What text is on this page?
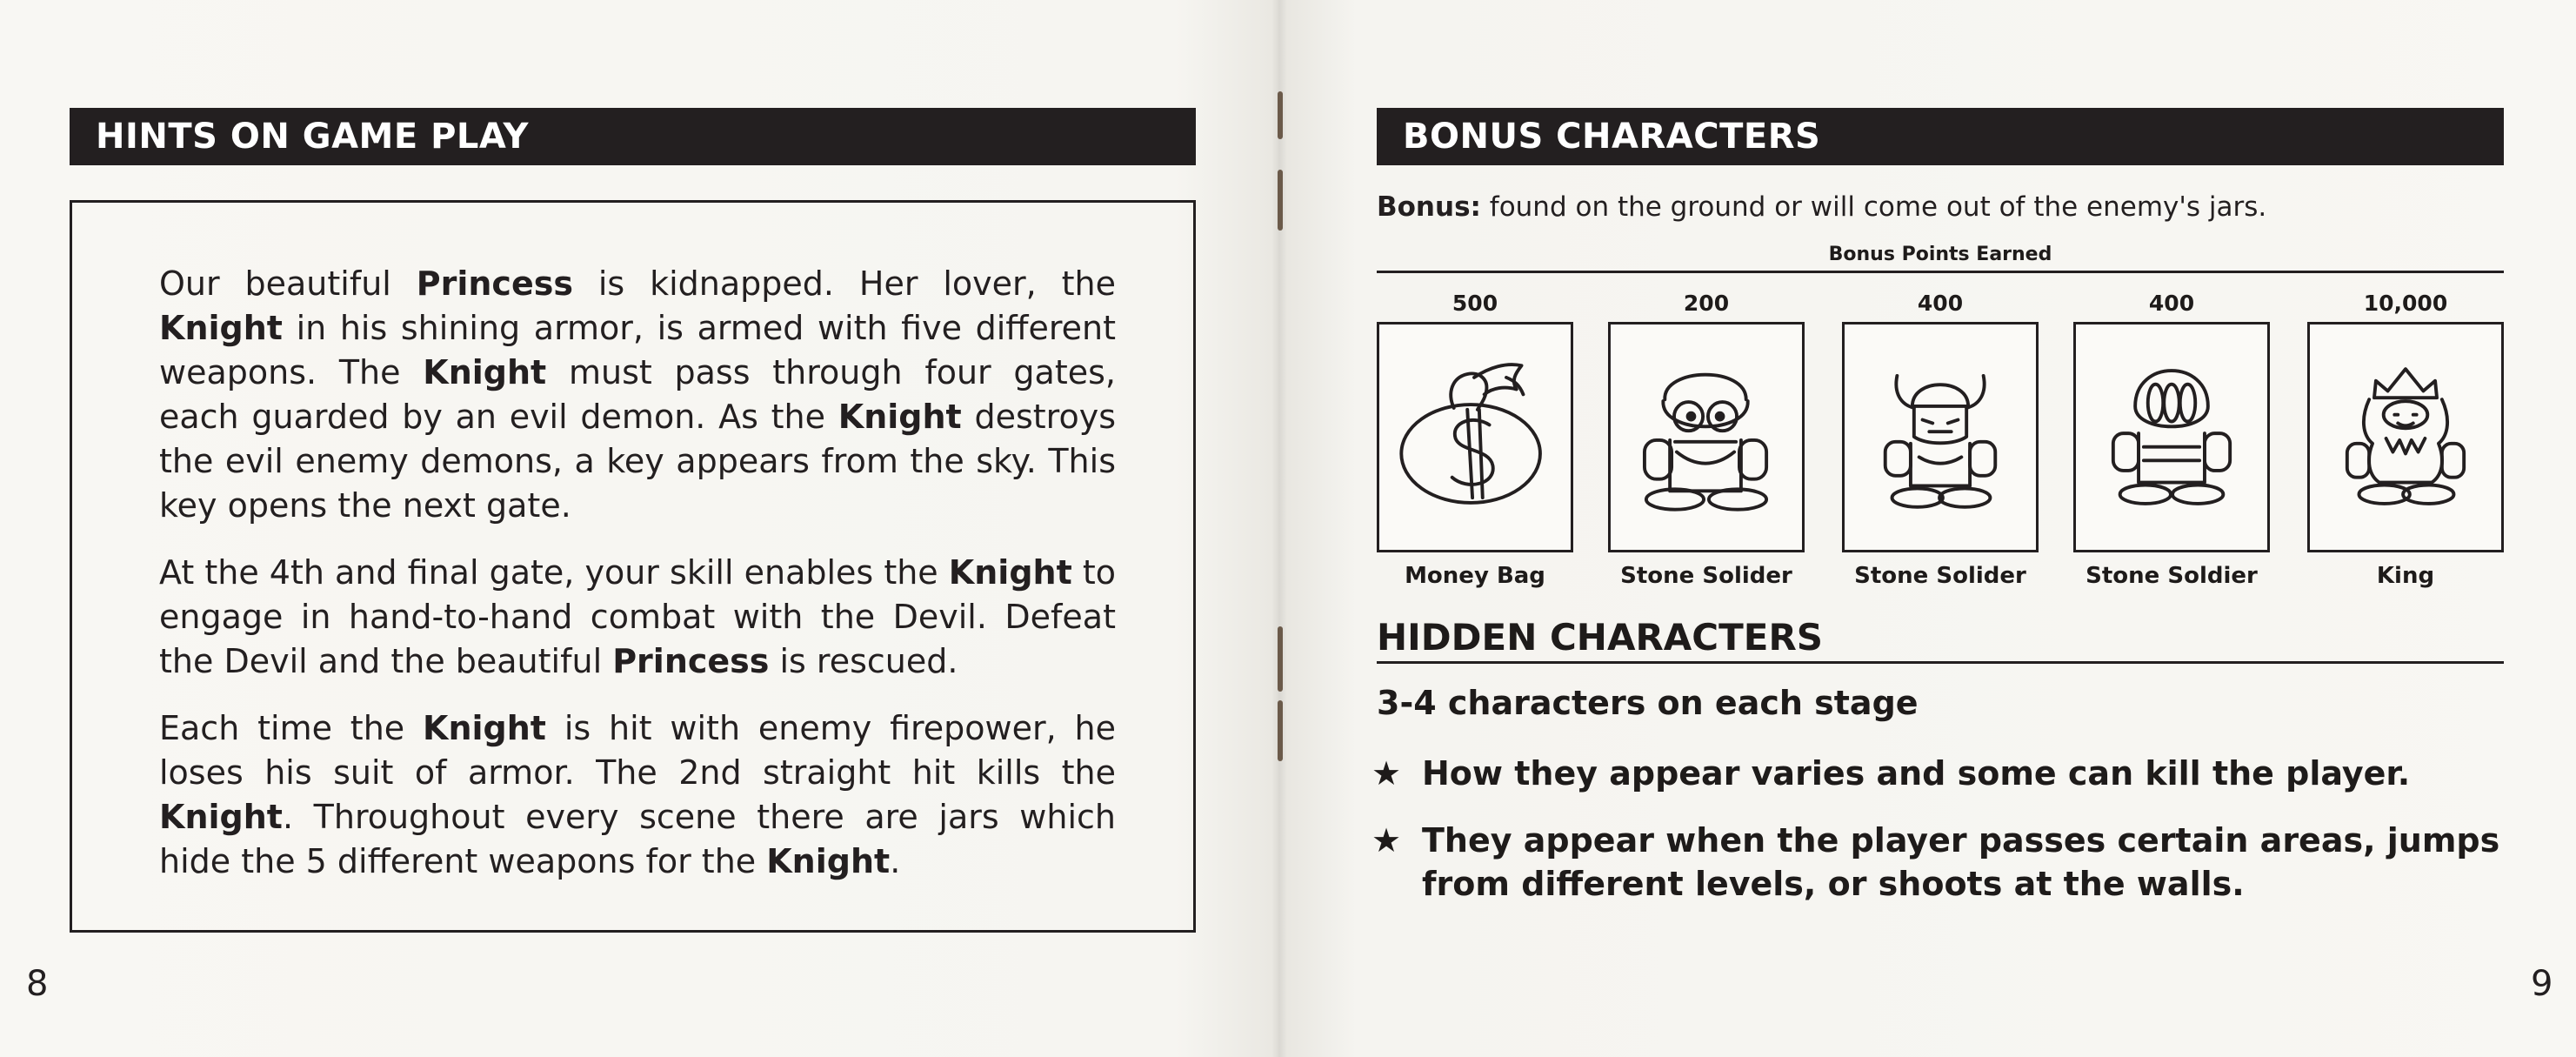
HINTS ON GAME PLAY

Our beautiful Princess is kidnapped. Her lover, the Knight in his shining armor, is armed with five different weapons. The Knight must pass through four gates, each guarded by an evil demon. As the Knight destroys the evil enemy demons, a key appears from the sky. This key opens the next gate.

At the 4th and final gate, your skill enables the Knight to engage in hand-to-hand combat with the Devil. Defeat the Devil and the beautiful Princess is rescued.

Each time the Knight is hit with enemy firepower, he loses his suit of armor. The 2nd straight hit kills the Knight. Throughout every scene there are jars which hide the 5 different weapons for the Knight.

8
BONUS CHARACTERS
Bonus: found on the ground or will come out of the enemy's jars.
Bonus Points Earned
500
Money Bag
200
Stone Solider
400
Stone Solider
400
Stone Soldier
10,000
King
HIDDEN CHARACTERS
3-4 characters on each stage
★ How they appear varies and some can kill the player.
★ They appear when the player passes certain areas, jumps from different levels, or shoots at the walls.
9
